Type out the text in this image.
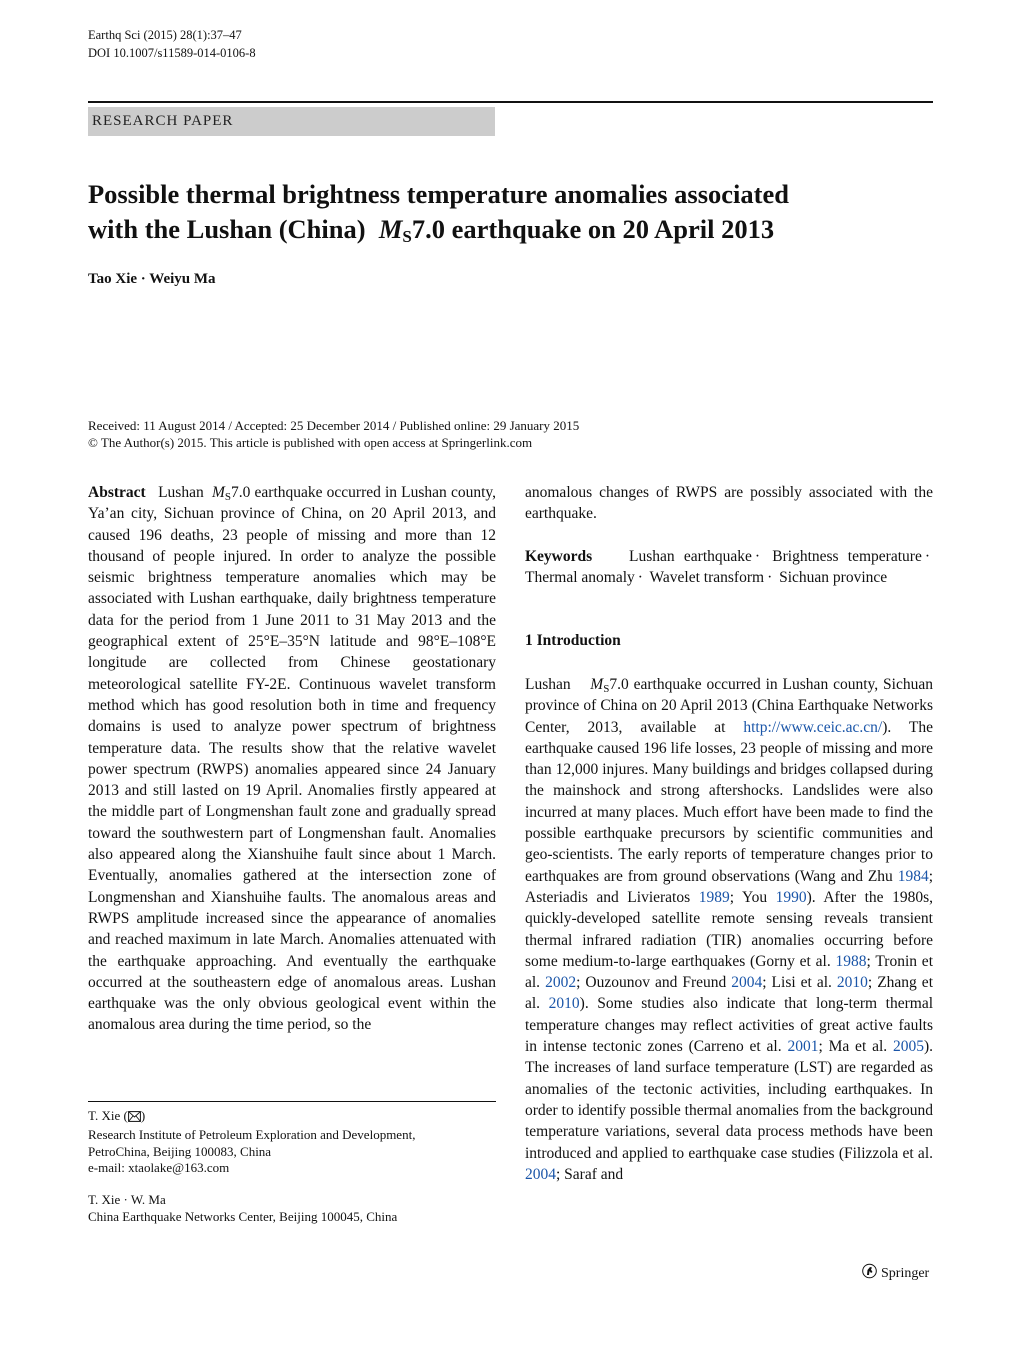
Earthq Sci (2015) 28(1):37–47
DOI 10.1007/s11589-014-0106-8
RESEARCH PAPER
Possible thermal brightness temperature anomalies associated
with the Lushan (China) $M_S7.0$ earthquake on 20 April 2013
Tao Xie · Weiyu Ma
Received: 11 August 2014 / Accepted: 25 December 2014 / Published online: 29 January 2015
© The Author(s) 2015. This article is published with open access at Springerlink.com

Abstract Lushan $M_S7.0$ earthquake occurred in Lushan county, Ya’an city, Sichuan province of China, on 20 April 2013, and caused 196 deaths, 23 people of missing and more than 12 thousand of people injured. In order to analyze the possible seismic brightness temperature anomalies which may be associated with Lushan earthquake, daily brightness temperature data for the period from 1 June 2011 to 31 May 2013 and the geographical extent of 25°E–35°N latitude and 98°E–108°E longitude are collected from Chinese geostationary meteorological satellite FY-2E. Continuous wavelet transform method which has good resolution both in time and frequency domains is used to analyze power spectrum of brightness temperature data. The results show that the relative wavelet power spectrum (RWPS) anomalies appeared since 24 January 2013 and still lasted on 19 April. Anomalies firstly appeared at the middle part of Longmenshan fault zone and gradually spread toward the southwestern part of Longmenshan fault. Anomalies also appeared along the Xianshuihe fault since about 1 March. Eventually, anomalies gathered at the intersection zone of Longmenshan and Xianshuihe faults. The anomalous areas and RWPS amplitude increased since the appearance of anomalies and reached maximum in late March. Anomalies attenuated with the earthquake approaching. And eventually the earthquake occurred at the southeastern edge of anomalous areas. Lushan earthquake was the only obvious geological event within the anomalous area during the time period, so the

anomalous changes of RWPS are possibly associated with the earthquake.

Keywords Lushan earthquake · Brightness temperature · Thermal anomaly · Wavelet transform · Sichuan province

1 Introduction

Lushan $M_S7.0$ earthquake occurred in Lushan county, Sichuan province of China on 20 April 2013 (China Earthquake Networks Center, 2013, available at http://www.ceic.ac.cn/). The earthquake caused 196 life losses, 23 people of missing and more than 12,000 injures. Many buildings and bridges collapsed during the mainshock and strong aftershocks. Landslides were also incurred at many places. Much effort have been made to find the possible earthquake precursors by scientific communities and geo-scientists. The early reports of temperature changes prior to earthquakes are from ground observations (Wang and Zhu 1984; Asteriadis and Livieratos 1989; You 1990). After the 1980s, quickly-developed satellite remote sensing reveals transient thermal infrared radiation (TIR) anomalies occurring before some medium-to-large earthquakes (Gorny et al. 1988; Tronin et al. 2002; Ouzounov and Freund 2004; Lisi et al. 2010; Zhang et al. 2010). Some studies also indicate that long-term thermal temperature changes may reflect activities of great active faults in intense tectonic zones (Carreno et al. 2001; Ma et al. 2005). The increases of land surface temperature (LST) are regarded as anomalies of the tectonic activities, including earthquakes. In order to identify possible thermal anomalies from the background temperature variations, several data process methods have been introduced and applied to earthquake case studies (Filizzola et al. 2004; Saraf and

T. Xie ( )
Research Institute of Petroleum Exploration and Development,
PetroChina, Beijing 100083, China
e-mail: xtaolake@163.com
T. Xie · W. Ma
China Earthquake Networks Center, Beijing 100045, China
Springer
